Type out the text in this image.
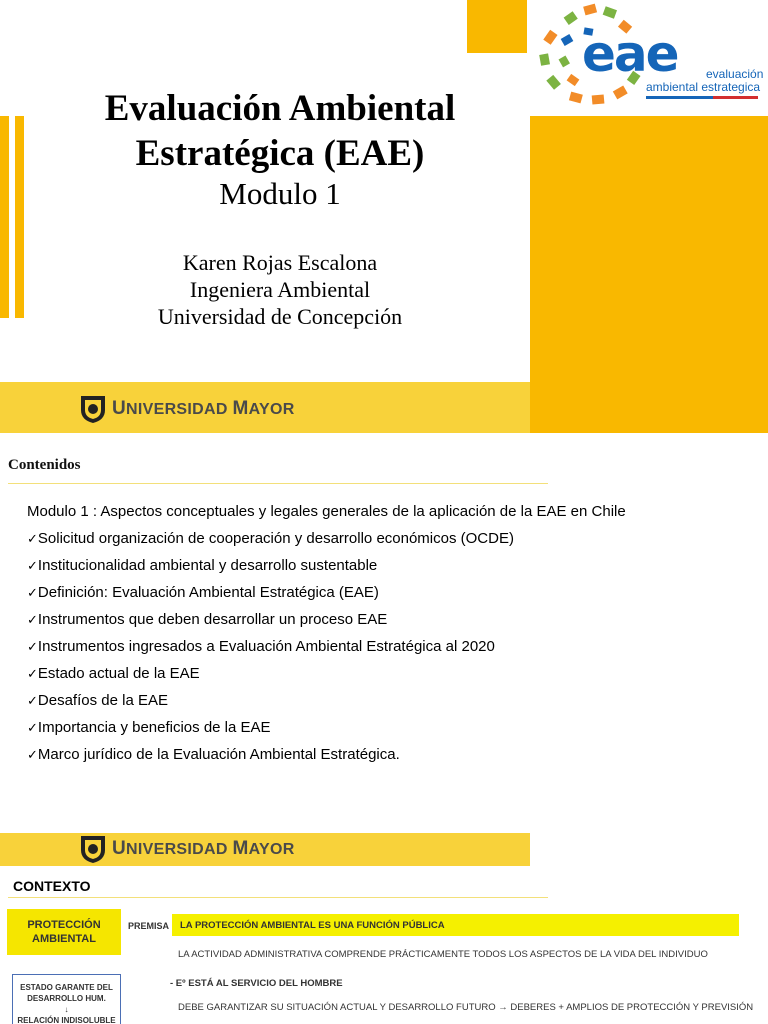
eae evaluación
ambiental estrategica
Evaluación Ambiental
Estratégica (EAE)
Modulo 1
Karen Rojas Escalona
Ingeniera Ambiental
Universidad de Concepción
UNIVERSIDAD MAYOR
Contenidos
Modulo 1 : Aspectos conceptuales y legales generales de la aplicación de la EAE en Chile
✓Solicitud organización de cooperación y desarrollo económicos (OCDE)
✓Institucionalidad ambiental y desarrollo sustentable
✓Definición: Evaluación Ambiental Estratégica (EAE)
✓Instrumentos que deben desarrollar un proceso EAE
✓Instrumentos ingresados a Evaluación Ambiental Estratégica al 2020
✓Estado actual de la EAE
✓Desafíos de la EAE
✓Importancia y beneficios de la EAE
✓Marco jurídico de la Evaluación Ambiental Estratégica.
UNIVERSIDAD MAYOR
CONTEXTO
PROTECCIÓN
AMBIENTAL
PREMISA LA PROTECCIÓN AMBIENTAL ES UNA FUNCIÓN PÚBLICA
LA ACTIVIDAD ADMINISTRATIVA COMPRENDE PRÁCTICAMENTE TODOS LOS ASPECTOS DE LA VIDA DEL INDIVIDUO
- Eº ESTÁ AL SERVICIO DEL HOMBRE
DEBE GARANTIZAR SU SITUACIÓN ACTUAL Y DESARROLLO FUTURO → DEBERES + AMPLIOS DE PROTECCIÓN Y PREVISIÓN
ESTADO GARANTE DEL
DESARROLLO HUM.
↓
RELACIÓN INDISOLUBLE
